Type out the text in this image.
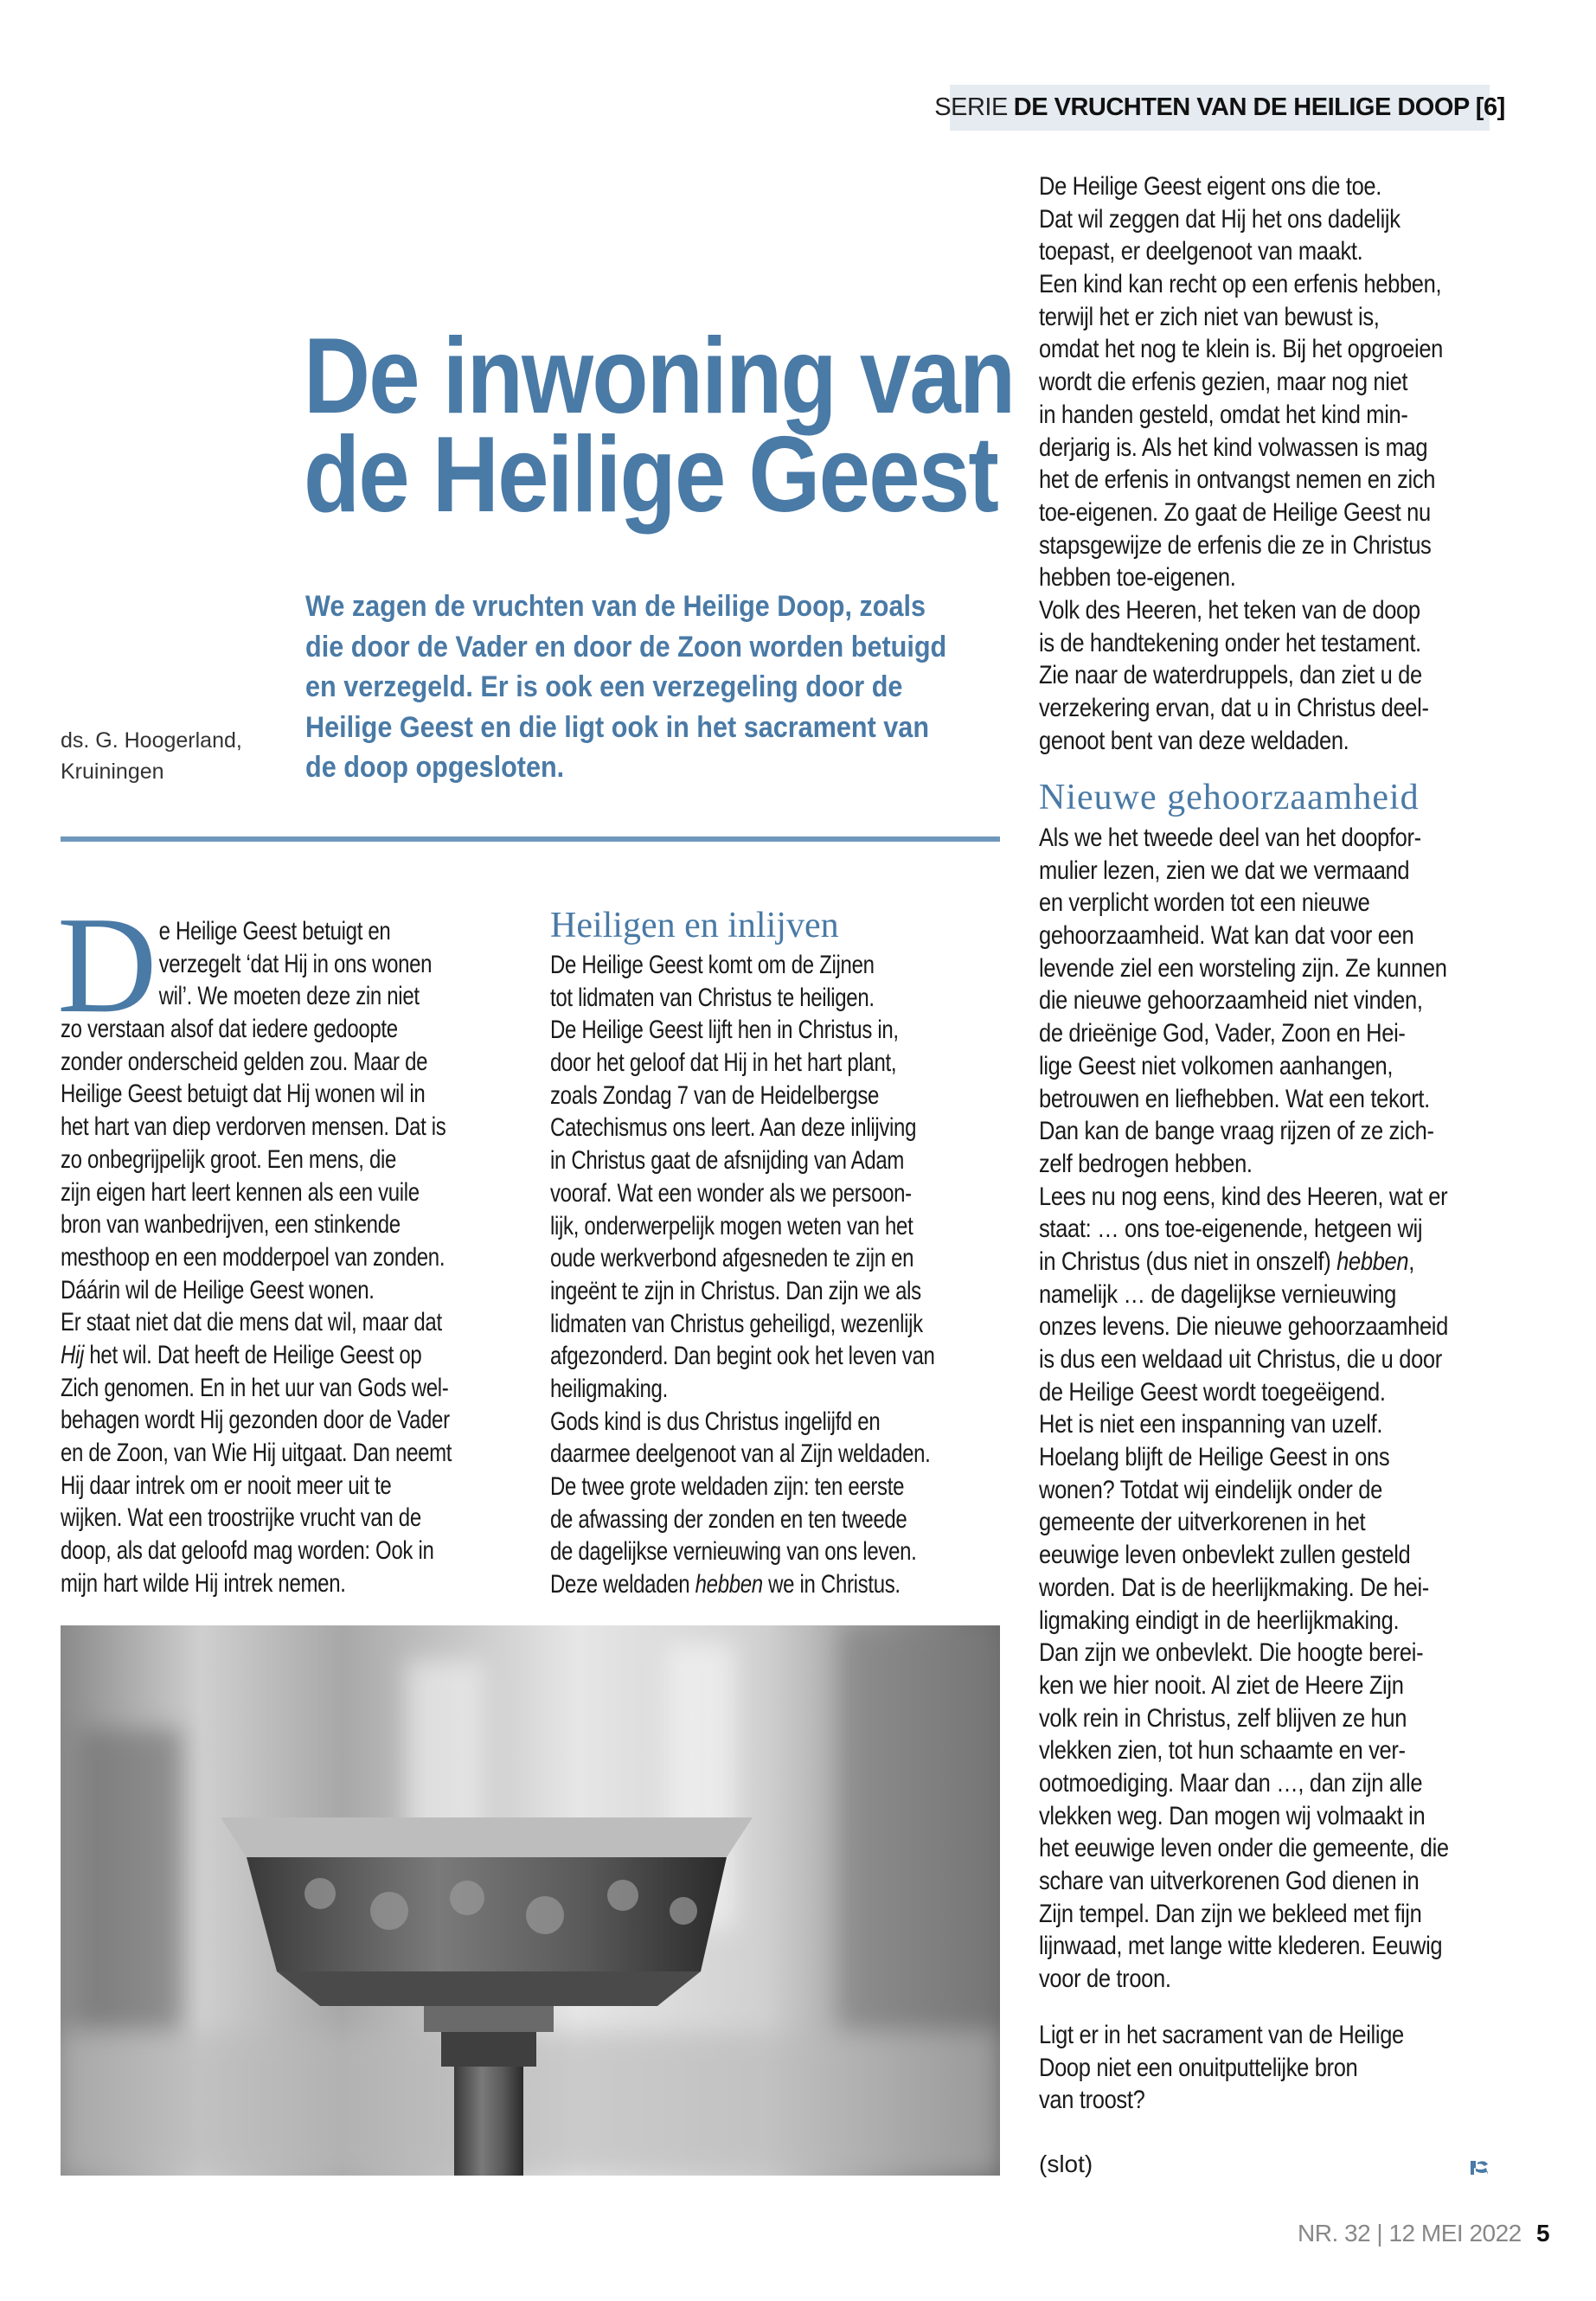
SERIE DE VRUCHTEN VAN DE HEILIGE DOOP [6]
De inwoning van
de Heilige Geest
We zagen de vruchten van de Heilige Doop, zoals
die door de Vader en door de Zoon worden betuigd
en verzegeld. Er is ook een verzegeling door de
Heilige Geest en die ligt ook in het sacrament van
de doop opgesloten.
ds. G. Hoogerland,
Kruiningen
D e Heilige Geest betuigt en
verzegelt ‘dat Hij in ons wonen
wil’. We moeten deze zin niet
zo verstaan alsof dat iedere gedoopte
zonder onderscheid gelden zou. Maar de
Heilige Geest betuigt dat Hij wonen wil in
het hart van diep verdorven mensen. Dat is
zo onbegrijpelijk groot. Een mens, die
zijn eigen hart leert kennen als een vuile
bron van wanbedrijven, een stinkende
mesthoop en een modderpoel van zonden.
Dáárin wil de Heilige Geest wonen.
Er staat niet dat die mens dat wil, maar dat
Hij het wil. Dat heeft de Heilige Geest op
Zich genomen. En in het uur van Gods wel-
behagen wordt Hij gezonden door de Vader
en de Zoon, van Wie Hij uitgaat. Dan neemt
Hij daar intrek om er nooit meer uit te
wijken. Wat een troostrijke vrucht van de
doop, als dat geloofd mag worden: Ook in
mijn hart wilde Hij intrek nemen.
Heiligen en inlijven
De Heilige Geest komt om de Zijnen
tot lidmaten van Christus te heiligen.
De Heilige Geest lijft hen in Christus in,
door het geloof dat Hij in het hart plant,
zoals Zondag 7 van de Heidelbergse
Catechismus ons leert. Aan deze inlijving
in Christus gaat de afsnijding van Adam
vooraf. Wat een wonder als we persoon-
lijk, onderwerpelijk mogen weten van het
oude werkverbond afgesneden te zijn en
ingeënt te zijn in Christus. Dan zijn we als
lidmaten van Christus geheiligd, wezenlijk
afgezonderd. Dan begint ook het leven van
heiligmaking.
Gods kind is dus Christus ingelijfd en
daarmee deelgenoot van al Zijn weldaden.
De twee grote weldaden zijn: ten eerste
de afwassing der zonden en ten tweede
de dagelijkse vernieuwing van ons leven.
Deze weldaden hebben we in Christus.
De Heilige Geest eigent ons die toe.
Dat wil zeggen dat Hij het ons dadelijk
toepast, er deelgenoot van maakt.
Een kind kan recht op een erfenis hebben,
terwijl het er zich niet van bewust is,
omdat het nog te klein is. Bij het opgroeien
wordt die erfenis gezien, maar nog niet
in handen gesteld, omdat het kind min-
derjarig is. Als het kind volwassen is mag
het de erfenis in ontvangst nemen en zich
toe-eigenen. Zo gaat de Heilige Geest nu
stapsgewijze de erfenis die ze in Christus
hebben toe-eigenen.
Volk des Heeren, het teken van de doop
is de handtekening onder het testament.
Zie naar de waterdruppels, dan ziet u de
verzekering ervan, dat u in Christus deel-
genoot bent van deze weldaden.
Nieuwe gehoorzaamheid
Als we het tweede deel van het doopfor-
mulier lezen, zien we dat we vermaand
en verplicht worden tot een nieuwe
gehoorzaamheid. Wat kan dat voor een
levende ziel een worsteling zijn. Ze kunnen
die nieuwe gehoorzaamheid niet vinden,
de drieënige God, Vader, Zoon en Hei-
lige Geest niet volkomen aanhangen,
betrouwen en liefhebben. Wat een tekort.
Dan kan de bange vraag rijzen of ze zich-
zelf bedrogen hebben.
Lees nu nog eens, kind des Heeren, wat er
staat: … ons toe-eigenende, hetgeen wij
in Christus (dus niet in onszelf) hebben,
namelijk … de dagelijkse vernieuwing
onzes levens. Die nieuwe gehoorzaamheid
is dus een weldaad uit Christus, die u door
de Heilige Geest wordt toegeëigend.
Het is niet een inspanning van uzelf.
Hoelang blijft de Heilige Geest in ons
wonen? Totdat wij eindelijk onder de
gemeente der uitverkorenen in het
eeuwige leven onbevlekt zullen gesteld
worden. Dat is de heerlijkmaking. De hei-
ligmaking eindigt in de heerlijkmaking.
Dan zijn we onbevlekt. Die hoogte berei-
ken we hier nooit. Al ziet de Heere Zijn
volk rein in Christus, zelf blijven ze hun
vlekken zien, tot hun schaamte en ver-
ootmoediging. Maar dan …, dan zijn alle
vlekken weg. Dan mogen wij volmaakt in
het eeuwige leven onder die gemeente, die
schare van uitverkorenen God dienen in
Zijn tempel. Dan zijn we bekleed met fijn
lijnwaad, met lange witte klederen. Eeuwig
voor de troon.
Ligt er in het sacrament van de Heilige
Doop niet een onuitputtelijke bron
van troost?
(slot)
NR. 32 | 12 MEI 2022 5
